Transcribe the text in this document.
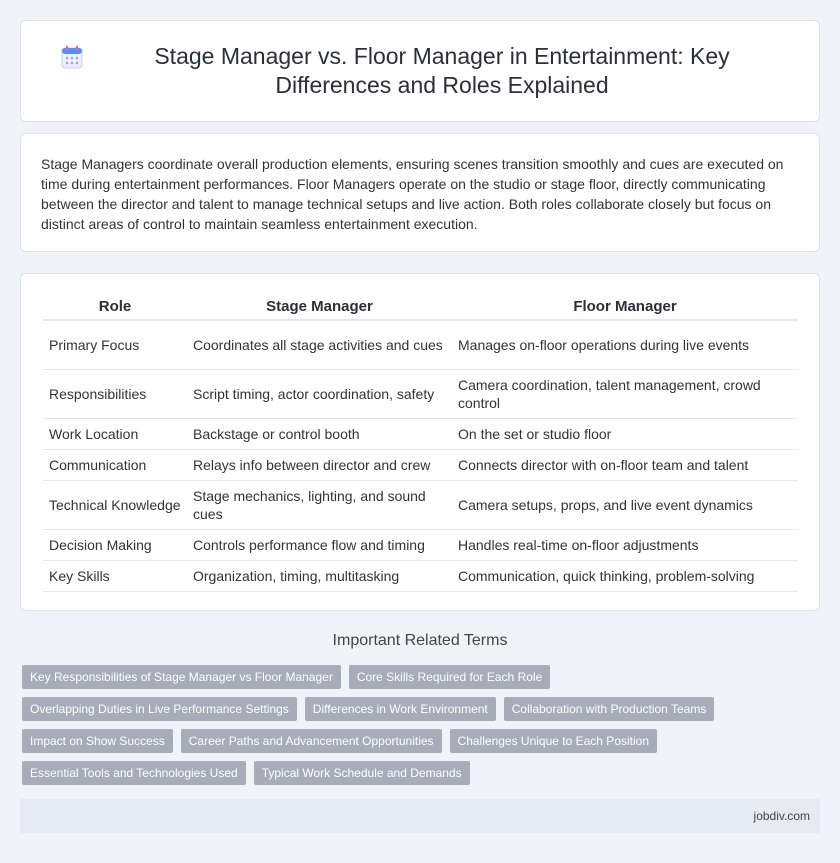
Stage Manager vs. Floor Manager in Entertainment: Key Differences and Roles Explained

Stage Managers coordinate overall production elements, ensuring scenes transition smoothly and cues are executed on time during entertainment performances. Floor Managers operate on the studio or stage floor, directly communicating between the director and talent to manage technical setups and live action. Both roles collaborate closely but focus on distinct areas of control to maintain seamless entertainment execution.

Role	Stage Manager	Floor Manager
Primary Focus	Coordinates all stage activities and cues	Manages on-floor operations during live events
Responsibilities	Script timing, actor coordination, safety	Camera coordination, talent management, crowd control
Work Location	Backstage or control booth	On the set or studio floor
Communication	Relays info between director and crew	Connects director with on-floor team and talent
Technical Knowledge	Stage mechanics, lighting, and sound cues	Camera setups, props, and live event dynamics
Decision Making	Controls performance flow and timing	Handles real-time on-floor adjustments
Key Skills	Organization, timing, multitasking	Communication, quick thinking, problem-solving
Important Related Terms
Key Responsibilities of Stage Manager vs Floor Manager	Core Skills Required for Each Role
Overlapping Duties in Live Performance Settings	Differences in Work Environment	Collaboration with Production Teams
Impact on Show Success	Career Paths and Advancement Opportunities	Challenges Unique to Each Position
Essential Tools and Technologies Used	Typical Work Schedule and Demands
jobdiv.com
